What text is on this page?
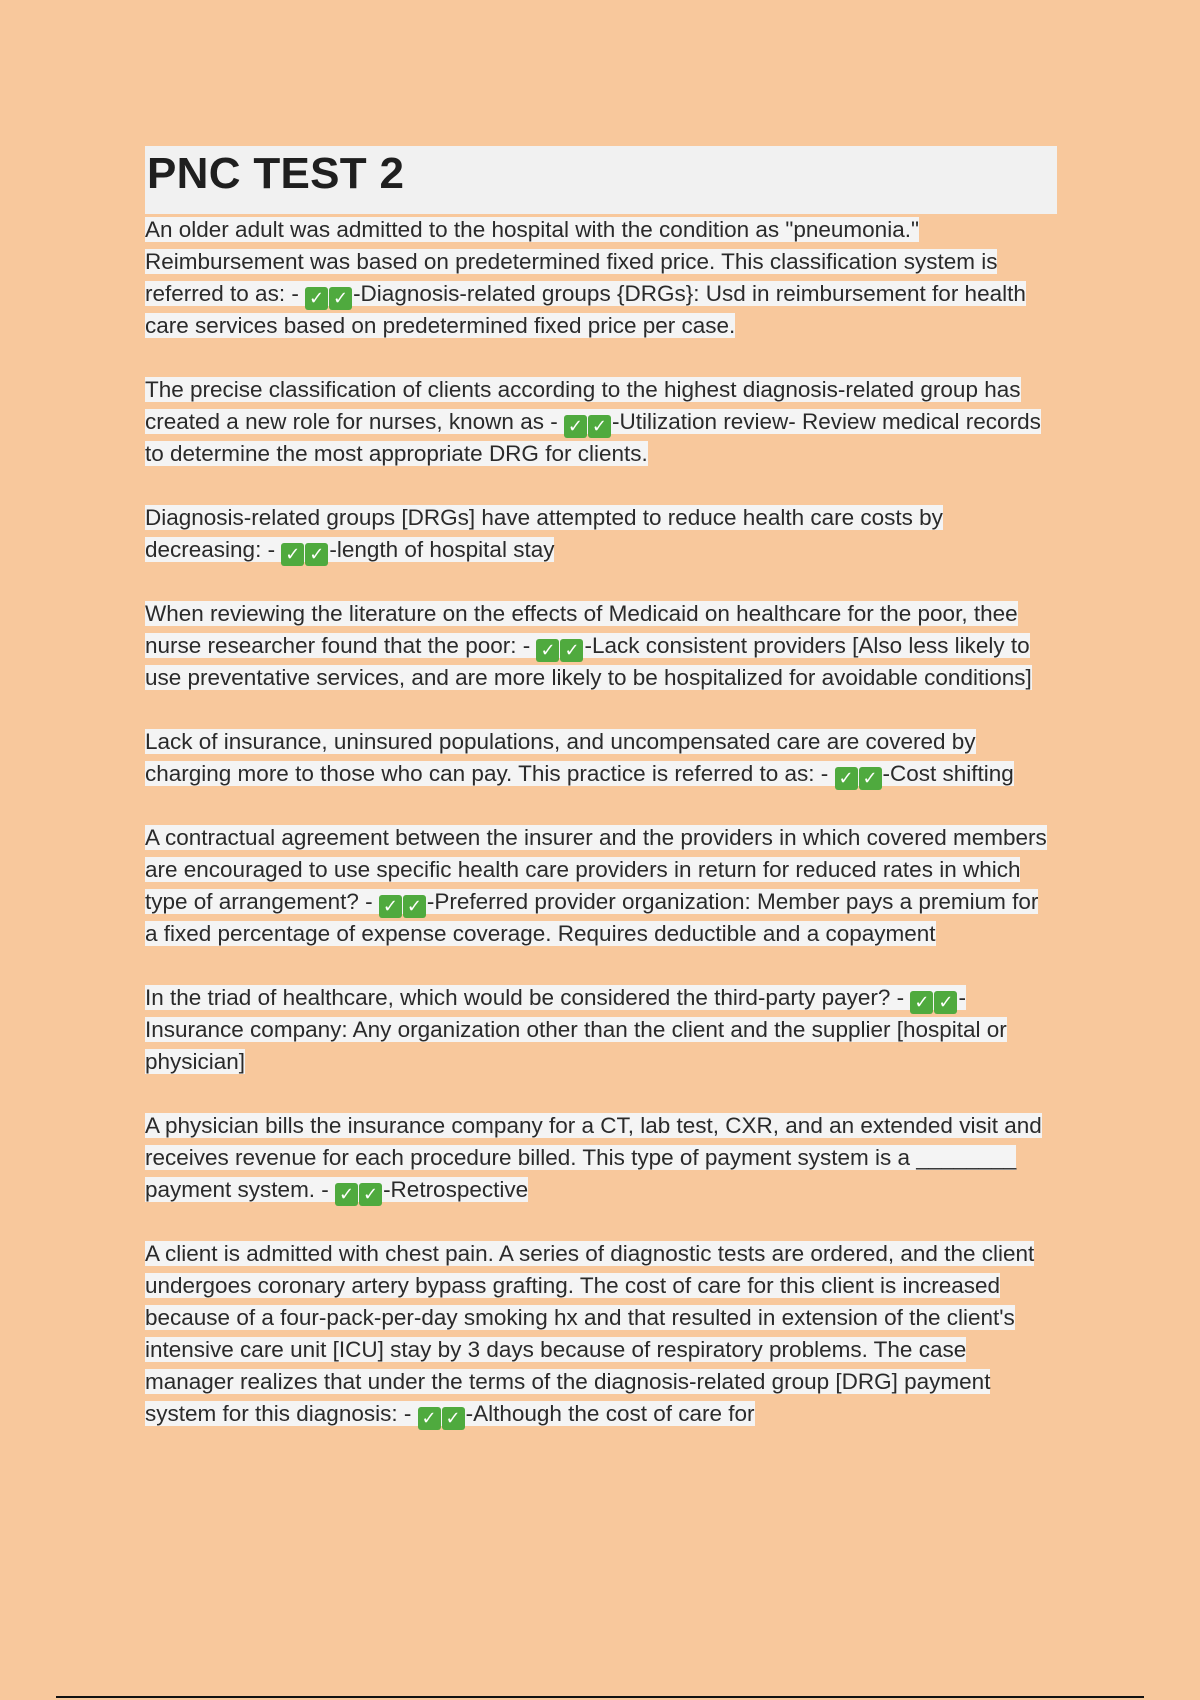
PNC TEST 2

An older adult was admitted to the hospital with the condition as "pneumonia." Reimbursement was based on predetermined fixed price. This classification system is referred to as: - ✓ ✓ -Diagnosis-related groups {DRGs}: Usd in reimbursement for health care services based on predetermined fixed price per case.

The precise classification of clients according to the highest diagnosis-related group has created a new role for nurses, known as - ✓ ✓ -Utilization review- Review medical records to determine the most appropriate DRG for clients.

Diagnosis-related groups [DRGs] have attempted to reduce health care costs by decreasing: - ✓ ✓ -length of hospital stay

When reviewing the literature on the effects of Medicaid on healthcare for the poor, thee nurse researcher found that the poor: - ✓ ✓ -Lack consistent providers [Also less likely to use preventative services, and are more likely to be hospitalized for avoidable conditions]

Lack of insurance, uninsured populations, and uncompensated care are covered by charging more to those who can pay. This practice is referred to as: - ✓ ✓ -Cost shifting

A contractual agreement between the insurer and the providers in which covered members are encouraged to use specific health care providers in return for reduced rates in which type of arrangement? - ✓ ✓ -Preferred provider organization: Member pays a premium for a fixed percentage of expense coverage. Requires deductible and a copayment

In the triad of healthcare, which would be considered the third-party payer? - ✓ ✓ -Insurance company: Any organization other than the client and the supplier [hospital or physician]

A physician bills the insurance company for a CT, lab test, CXR, and an extended visit and receives revenue for each procedure billed. This type of payment system is a ________ payment system. - ✓ ✓ -Retrospective

A client is admitted with chest pain. A series of diagnostic tests are ordered, and the client undergoes coronary artery bypass grafting. The cost of care for this client is increased because of a four-pack-per-day smoking hx and that resulted in extension of the client's intensive care unit [ICU] stay by 3 days because of respiratory problems. The case manager realizes that under the terms of the diagnosis-related group [DRG] payment system for this diagnosis: - ✓ ✓ -Although the cost of care for
